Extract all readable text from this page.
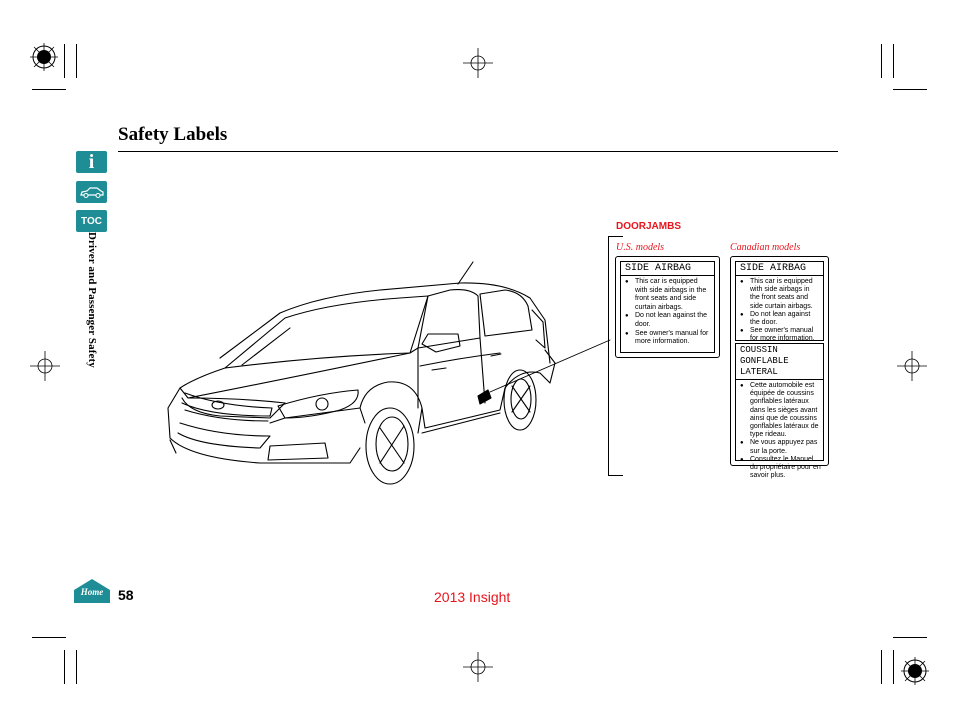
Safety Labels
i
TOC
Driver and Passenger Safety
DOORJAMBS
U.S. models	Canadian models
SIDE AIRBAG
● This car is equipped with side airbags in the front seats and side curtain airbags.
● Do not lean against the door.
● See owner's manual for more information.
SIDE AIRBAG
● This car is equipped with side airbags in the front seats and side curtain airbags.
● Do not lean against the door.
● See owner's manual for more information.
COUSSIN GONFLABLE LATERAL
● Cette automobile est équipée de coussins gonflables latéraux dans les sièges avant ainsi que de coussins gonflables latéraux de type rideau.
● Ne vous appuyez pas sur la porte.
● Consultez le Manuel du propriétaire pour en savoir plus.
Home	58	2013 Insight
